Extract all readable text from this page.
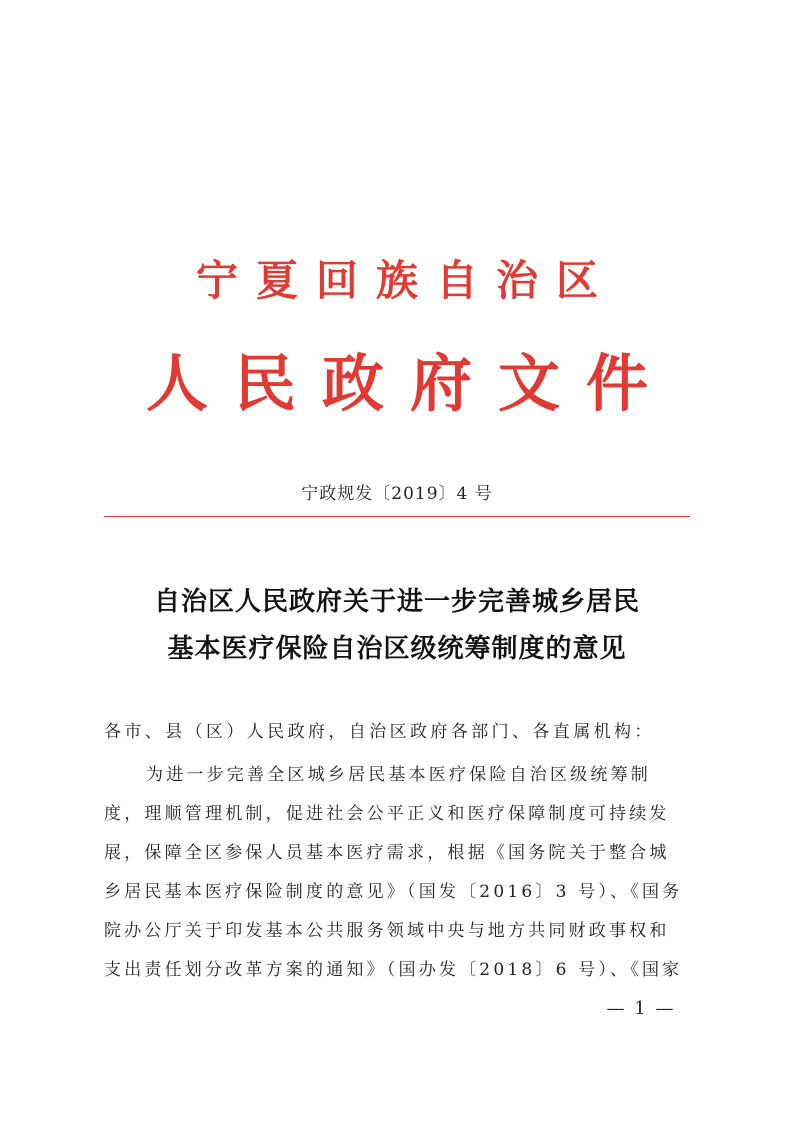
宁夏回族自治区
人民政府文件
宁政规发〔2019〕4 号
自治区人民政府关于进一步完善城乡居民
基本医疗保险自治区级统筹制度的意见
各市、县（区）人民政府，自治区政府各部门、各直属机构：
为进一步完善全区城乡居民基本医疗保险自治区级统筹制
度，理顺管理机制，促进社会公平正义和医疗保障制度可持续发
展，保障全区参保人员基本医疗需求，根据《国务院关于整合城
乡居民基本医疗保险制度的意见》（国发〔2016〕3 号）、《国务
院办公厅关于印发基本公共服务领域中央与地方共同财政事权和
支出责任划分改革方案的通知》（国办发〔2018〕6 号）、《国家
— 1 —
